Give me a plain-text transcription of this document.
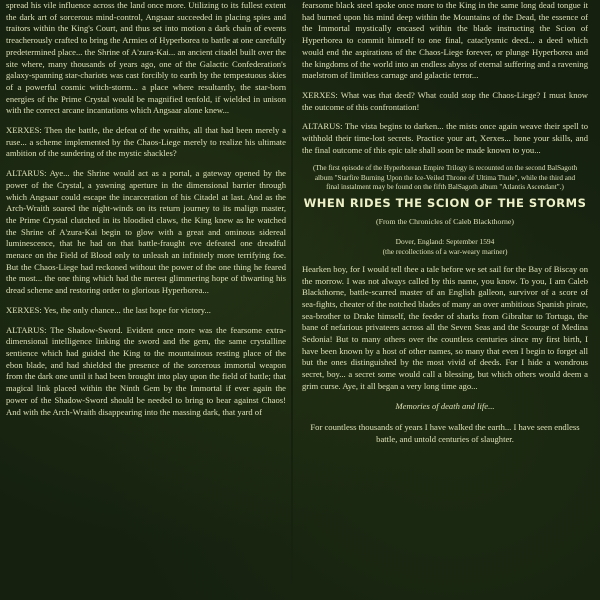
spread his vile influence across the land once more. Utilizing to its fullest extent the dark art of sorcerous mind-control, Angsaar succeeded in placing spies and traitors within the King's Court, and thus set into motion a dark chain of events treacherously crafted to bring the Armies of Hyperborea to battle at one carefully predetermined place... the Shrine of A'zura-Kai... an ancient citadel built over the site where, many thousands of years ago, one of the Galactic Confederation's galaxy-spanning star-chariots was cast forcibly to earth by the tempestuous skies of a powerful cosmic witch-storm... a place where resultantly, the star-born energies of the Prime Crystal would be magnified tenfold, if wielded in unison with the correct arcane incantations which Angsaar alone knew...

XERXES: Then the battle, the defeat of the wraiths, all that had been merely a ruse... a scheme implemented by the Chaos-Liege merely to realize his ultimate ambition of the sundering of the mystic shackles?

ALTARUS: Aye... the Shrine would act as a portal, a gateway opened by the power of the Crystal, a yawning aperture in the dimensional barrier through which Angsaar could escape the incarceration of his Citadel at last. And as the Arch-Wraith soared the night-winds on its return journey to its malign master, the Prime Crystal clutched in its bloodied claws, the King knew as he watched the Shrine of A'zura-Kai begin to glow with a great and ominous sidereal luminescence, that he had on that battle-fraught eve defeated one dreadful menace on the Field of Blood only to unleash an infinitely more terrifying foe. But the Chaos-Liege had reckoned without the power of the one thing he feared the most... the one thing which had the merest glimmering hope of thwarting his dread scheme and restoring order to glorious Hyperborea...

XERXES: Yes, the only chance... the last hope for victory...

ALTARUS: The Shadow-Sword. Evident once more was the fearsome extra-dimensional intelligence linking the sword and the gem, the same crystalline sentience which had guided the King to the mountainous resting place of the ebon blade, and had shielded the presence of the sorcerous immortal weapon from the dark one until it had been brought into play upon the field of battle; that magical link placed within the Ninth Gem by the Immortal if ever again the power of the Shadow-Sword should be needed to bring to bear against Chaos! And with the Arch-Wraith disappearing into the massing dark, that yard of

fearsome black steel spoke once more to the King in the same long dead tongue it had burned upon his mind deep within the Mountains of the Dead, the essence of the Immortal mystically encased within the blade instructing the Scion of Hyperborea to commit himself to one final, cataclysmic deed... a deed which would end the aspirations of the Chaos-Liege forever, or plunge Hyperborea and the kingdoms of the world into an endless abyss of eternal suffering and a ravening maelstrom of limitless carnage and galactic terror...

XERXES: What was that deed? What could stop the Chaos-Liege? I must know the outcome of this confrontation!

ALTARUS: The vista begins to darken... the mists once again weave their spell to withhold their time-lost secrets. Practice your art, Xerxes... hone your skills, and the final outcome of this epic tale shall soon be made known to you...

(The first episode of the Hyperborean Empire Trilogy is recounted on the second BalSagoth album "Starfire Burning Upon the Ice-Veiled Throne of Ultima Thule", while the third and final instalment may be found on the fifth BalSagoth album "Atlantis Ascendant".)
WHEN RIDES THE SCION OF THE STORMS
(From the Chronicles of Caleb Blackthorne)
Dover, England: September 1594
(the recollections of a war-weary mariner)

Hearken boy, for I would tell thee a tale before we set sail for the Bay of Biscay on the morrow. I was not always called by this name, you know. To you, I am Caleb Blackthorne, battle-scarred master of an English galleon, survivor of a score of sea-fights, cheater of the notched blades of many an over ambitious Spanish pirate, sea-brother to Drake himself, the feeder of sharks from Gibraltar to Tortuga, the bane of nefarious privateers across all the Seven Seas and the Scourge of Medina Sedonia! But to many others over the countless centuries since my first birth, I have been known by a host of other names, so many that even I begin to forget all but the ones distinguished by the most vivid of deeds. For I hide a wondrous secret, boy... a secret some would call a blessing, but which others would deem a grim curse. Aye, it all began a very long time ago...

Memories of death and life...

For countless thousands of years I have walked the earth... I have seen endless battle, and untold centuries of slaughter.
